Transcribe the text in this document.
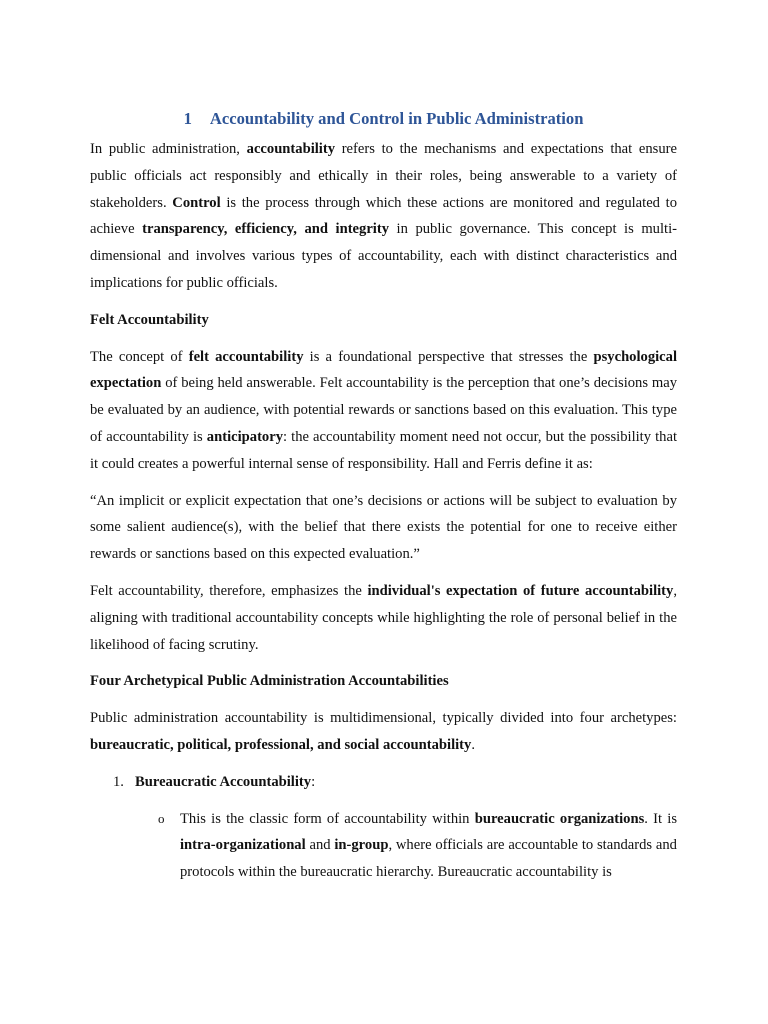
1 Accountability and Control in Public Administration

In public administration, accountability refers to the mechanisms and expectations that ensure public officials act responsibly and ethically in their roles, being answerable to a variety of stakeholders. Control is the process through which these actions are monitored and regulated to achieve transparency, efficiency, and integrity in public governance. This concept is multi-dimensional and involves various types of accountability, each with distinct characteristics and implications for public officials.

Felt Accountability

The concept of felt accountability is a foundational perspective that stresses the psychological expectation of being held answerable. Felt accountability is the perception that one’s decisions may be evaluated by an audience, with potential rewards or sanctions based on this evaluation. This type of accountability is anticipatory: the accountability moment need not occur, but the possibility that it could creates a powerful internal sense of responsibility. Hall and Ferris define it as:

“An implicit or explicit expectation that one’s decisions or actions will be subject to evaluation by some salient audience(s), with the belief that there exists the potential for one to receive either rewards or sanctions based on this expected evaluation.”

Felt accountability, therefore, emphasizes the individual's expectation of future accountability, aligning with traditional accountability concepts while highlighting the role of personal belief in the likelihood of facing scrutiny.

Four Archetypical Public Administration Accountabilities

Public administration accountability is multidimensional, typically divided into four archetypes: bureaucratic, political, professional, and social accountability.

1. Bureaucratic Accountability:
o This is the classic form of accountability within bureaucratic organizations. It is intra-organizational and in-group, where officials are accountable to standards and protocols within the bureaucratic hierarchy. Bureaucratic accountability is
